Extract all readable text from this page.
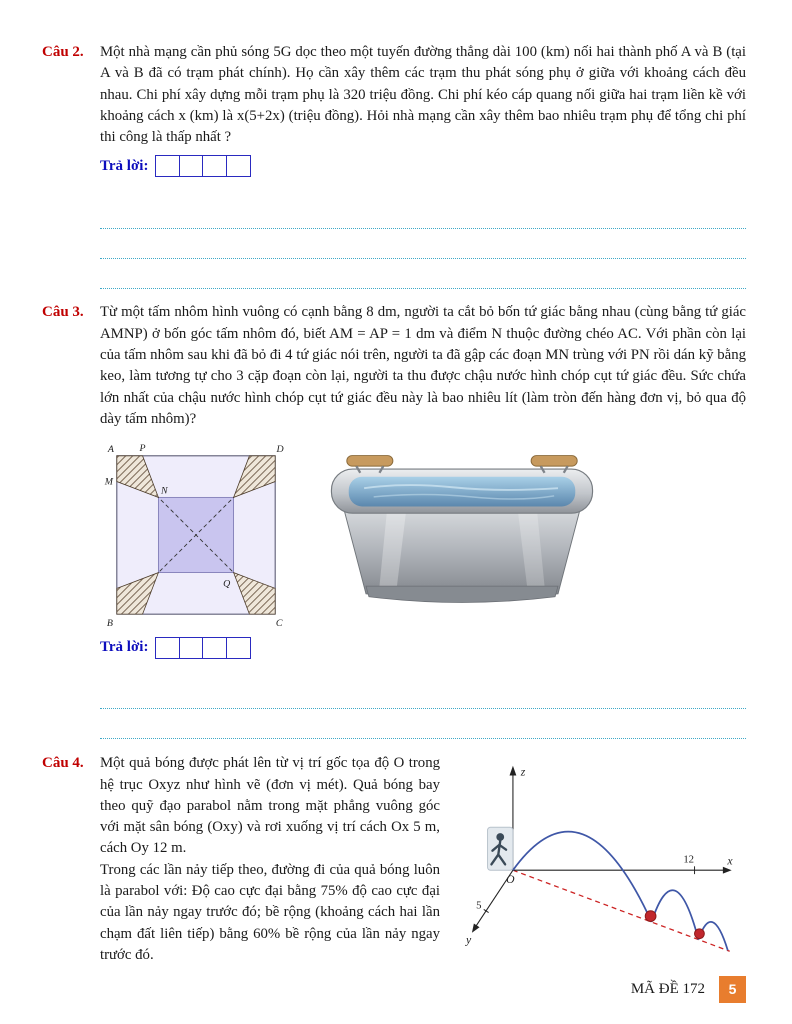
Câu 2.	Một nhà mạng cần phủ sóng 5G dọc theo một tuyến đường thẳng dài 100 (km) nối hai thành phố A và B (tại A và B đã có trạm phát chính). Họ cần xây thêm các trạm thu phát sóng phụ ở giữa với khoảng cách đều nhau. Chi phí xây dựng mỗi trạm phụ là 320 triệu đồng. Chi phí kéo cáp quang nối giữa hai trạm liền kề với khoảng cách x (km) là x(5+2x) (triệu đồng). Hỏi nhà mạng cần xây thêm bao nhiêu trạm phụ để tổng chi phí thi công là thấp nhất ?
Trả lời:
Câu 3.	Từ một tấm nhôm hình vuông có cạnh bằng 8 dm, người ta cắt bỏ bốn tứ giác bằng nhau (cùng bằng tứ giác AMNP) ở bốn góc tấm nhôm đó, biết AM = AP = 1 dm và điểm N thuộc đường chéo AC. Với phần còn lại của tấm nhôm sau khi đã bỏ đi 4 tứ giác nói trên, người ta đã gập các đoạn MN trùng với PN rồi dán kỹ bằng keo, làm tương tự cho 3 cặp đoạn còn lại, người ta thu được chậu nước hình chóp cụt tứ giác đều. Sức chứa lớn nhất của chậu nước hình chóp cụt tứ giác đều này là bao nhiêu lít (làm tròn đến hàng đơn vị, bỏ qua độ dày tấm nhôm)?
A	P	D
M
N
B
Q
C
Trả lời:
Câu 4.	Một quả bóng được phát lên từ vị trí gốc tọa độ O trong hệ trục Oxyz như hình vẽ (đơn vị mét). Quả bóng bay theo quỹ đạo parabol nằm trong mặt phẳng vuông góc với mặt sân bóng (Oxy) và rơi xuống vị trí cách Ox 5 m, cách Oy 12 m.

Trong các lần nảy tiếp theo, đường đi của quả bóng luôn là parabol với: Độ cao cực đại bằng 75% độ cao cực đại của lần nảy ngay trước đó; bề rộng (khoảng cách hai lần chạm đất liên tiếp) bằng 60% bề rộng của lần nảy ngay trước đó.

z
x
y
O
12
5
MÃ ĐỀ 172	5
